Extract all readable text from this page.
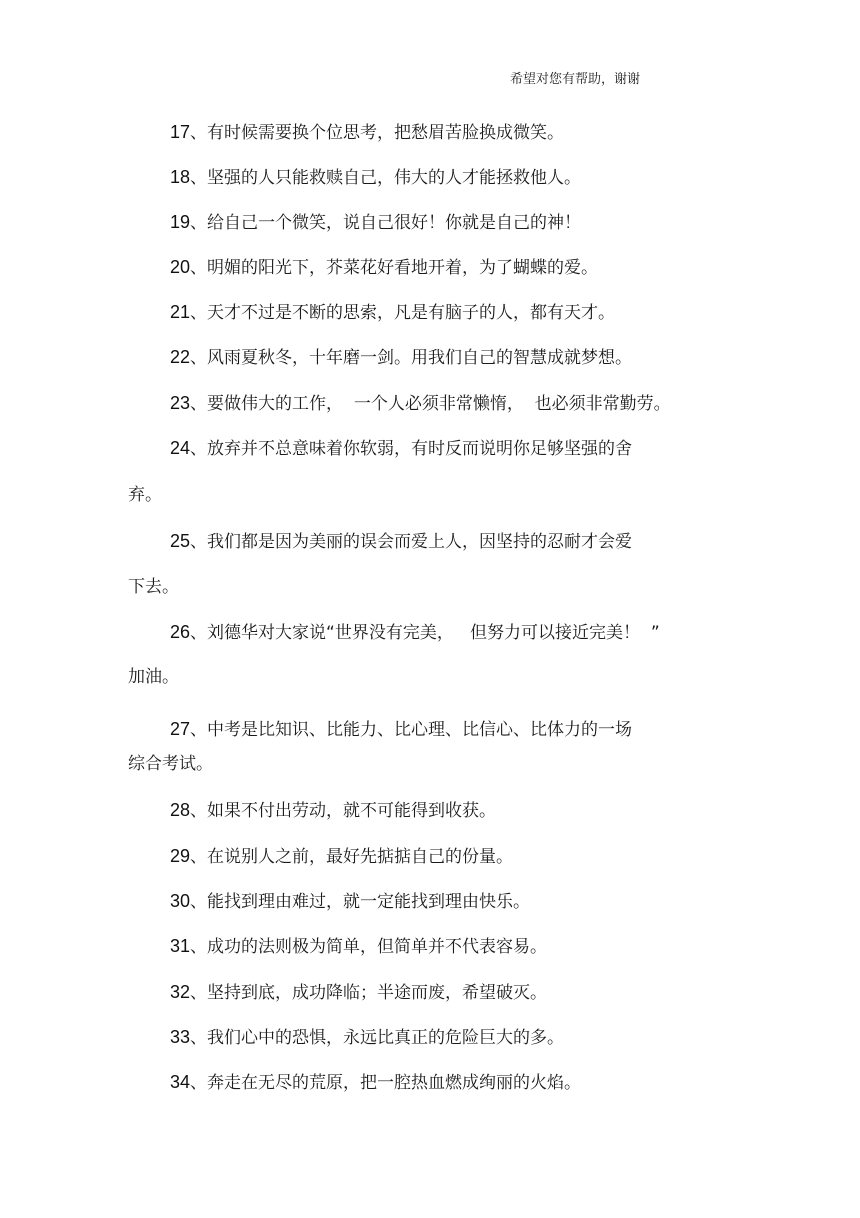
希望对您有帮助，谢谢
17、有时候需要换个位思考，把愁眉苦脸换成微笑。
18、坚强的人只能救赎自己，伟大的人才能拯救他人。
19、给自己一个微笑，说自己很好！你就是自己的神！
20、明媚的阳光下，芥菜花好看地开着，为了蝴蝶的爱。
21、天才不过是不断的思索，凡是有脑子的人，都有天才。
22、风雨夏秋冬，十年磨一剑。用我们自己的智慧成就梦想。
23、要做伟大的工作，  一个人必须非常懒惰，  也必须非常勤劳。
24、放弃并不总意味着你软弱，有时反而说明你足够坚强的舍
弃。
25、我们都是因为美丽的误会而爱上人，因坚持的忍耐才会爱
下去。
26、刘德华对大家说“世界没有完美，   但努力可以接近完美！  ”
加油。
27、中考是比知识、比能力、比心理、比信心、比体力的一场
综合考试。
28、如果不付出劳动，就不可能得到收获。
29、在说别人之前，最好先掂掂自己的份量。
30、能找到理由难过，就一定能找到理由快乐。
31、成功的法则极为简单，但简单并不代表容易。
32、坚持到底，成功降临；半途而废，希望破灭。
33、我们心中的恐惧，永远比真正的危险巨大的多。
34、奔走在无尽的荒原，把一腔热血燃成绚丽的火焰。
